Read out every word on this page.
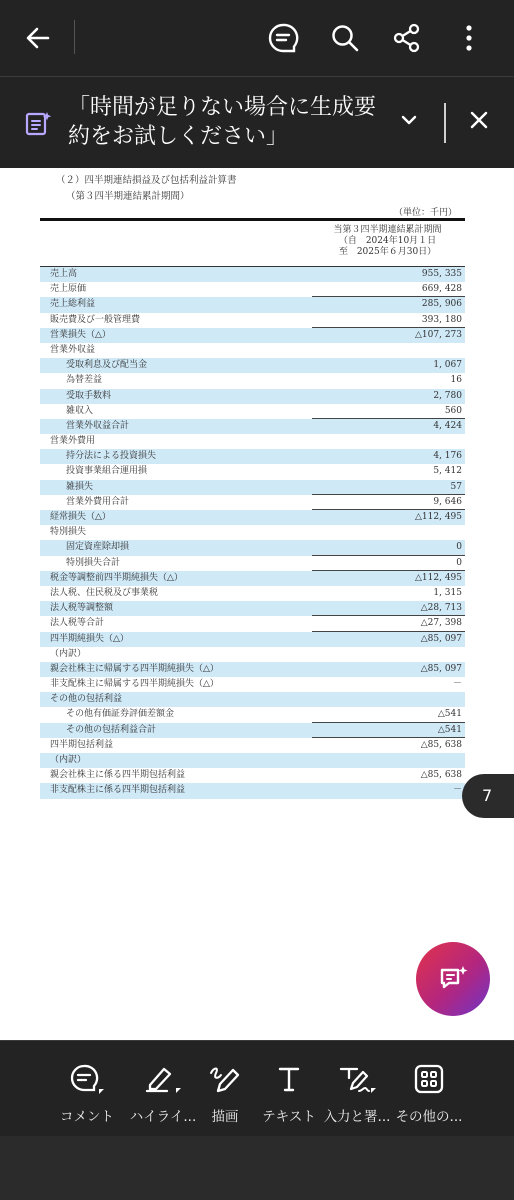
「時間が足りない場合に生成要約をお試しください」
（２）四半期連結損益及び包括利益計算書
（第３四半期連結累計期間）
（単位：千円）
当第３四半期連結累計期間
（自　2024年10月１日
至　2025年６月30日）
売上高	955, 335
売上原価	669, 428
売上総利益	285, 906
販売費及び一般管理費	393, 180
営業損失（△）	△107, 273
営業外収益
受取利息及び配当金	1, 067
為替差益	16
受取手数料	2, 780
雑収入	560
営業外収益合計	4, 424
営業外費用
持分法による投資損失	4, 176
投資事業組合運用損	5, 412
雑損失	57
営業外費用合計	9, 646
経常損失（△）	△112, 495
特別損失
固定資産除却損	0
特別損失合計	0
税金等調整前四半期純損失（△）	△112, 495
法人税、住民税及び事業税	1, 315
法人税等調整額	△28, 713
法人税等合計	△27, 398
四半期純損失（△）	△85, 097
（内訳）
親会社株主に帰属する四半期純損失（△）	△85, 097
非支配株主に帰属する四半期純損失（△）	－
その他の包括利益
その他有価証券評価差額金	△541
その他の包括利益合計	△541
四半期包括利益	△85, 638
（内訳）
親会社株主に係る四半期包括利益	△85, 638
非支配株主に係る四半期包括利益	－	7
コメント	ハイライ...	描画	テキスト 入力と署... その他の...
